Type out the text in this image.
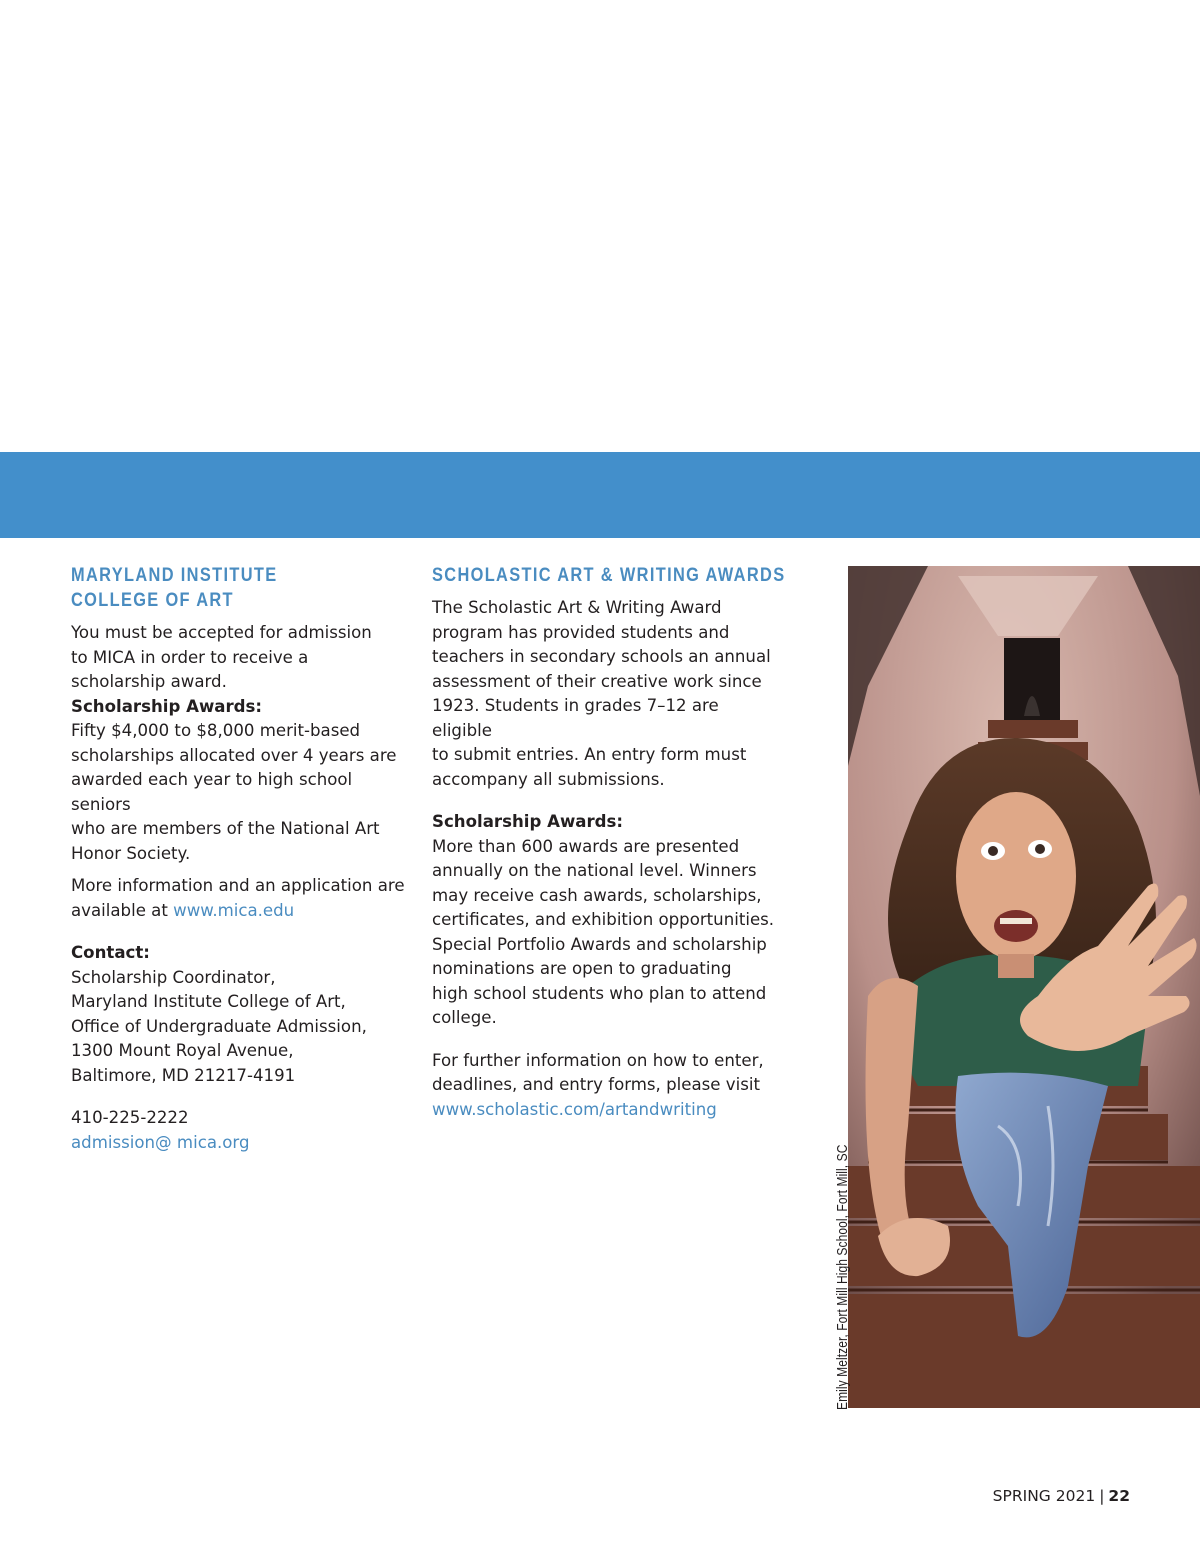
MARYLAND INSTITUTE

COLLEGE OF ART

You must be accepted for admission
to MICA in order to receive a
scholarship award.

Scholarship Awards:

Fifty $4,000 to $8,000 merit-based
scholarships allocated over 4 years are
awarded each year to high school seniors
who are members of the National Art
Honor Society.

More information and an application are
available at www.mica.edu

Contact:

Scholarship Coordinator,
Maryland Institute College of Art,
Office of Undergraduate Admission,
1300 Mount Royal Avenue,
Baltimore, MD 21217-4191

410-225-2222

admission@ mica.org

SCHOLASTIC ART & WRITING AWARDS

The Scholastic Art & Writing Award
program has provided students and
teachers in secondary schools an annual
assessment of their creative work since
1923. Students in grades 7–12 are eligible
to submit entries. An entry form must
accompany all submissions.

Scholarship Awards:

More than 600 awards are presented
annually on the national level. Winners
may receive cash awards, scholarships,
certificates, and exhibition opportunities.
Special Portfolio Awards and scholarship
nominations are open to graduating
high school students who plan to attend
college.

For further information on how to enter,
deadlines, and entry forms, please visit

www.scholastic.com/artandwriting

Emily Meltzer, Fort Mill High School, Fort Mill, SC
SPRING 2021 | 22
